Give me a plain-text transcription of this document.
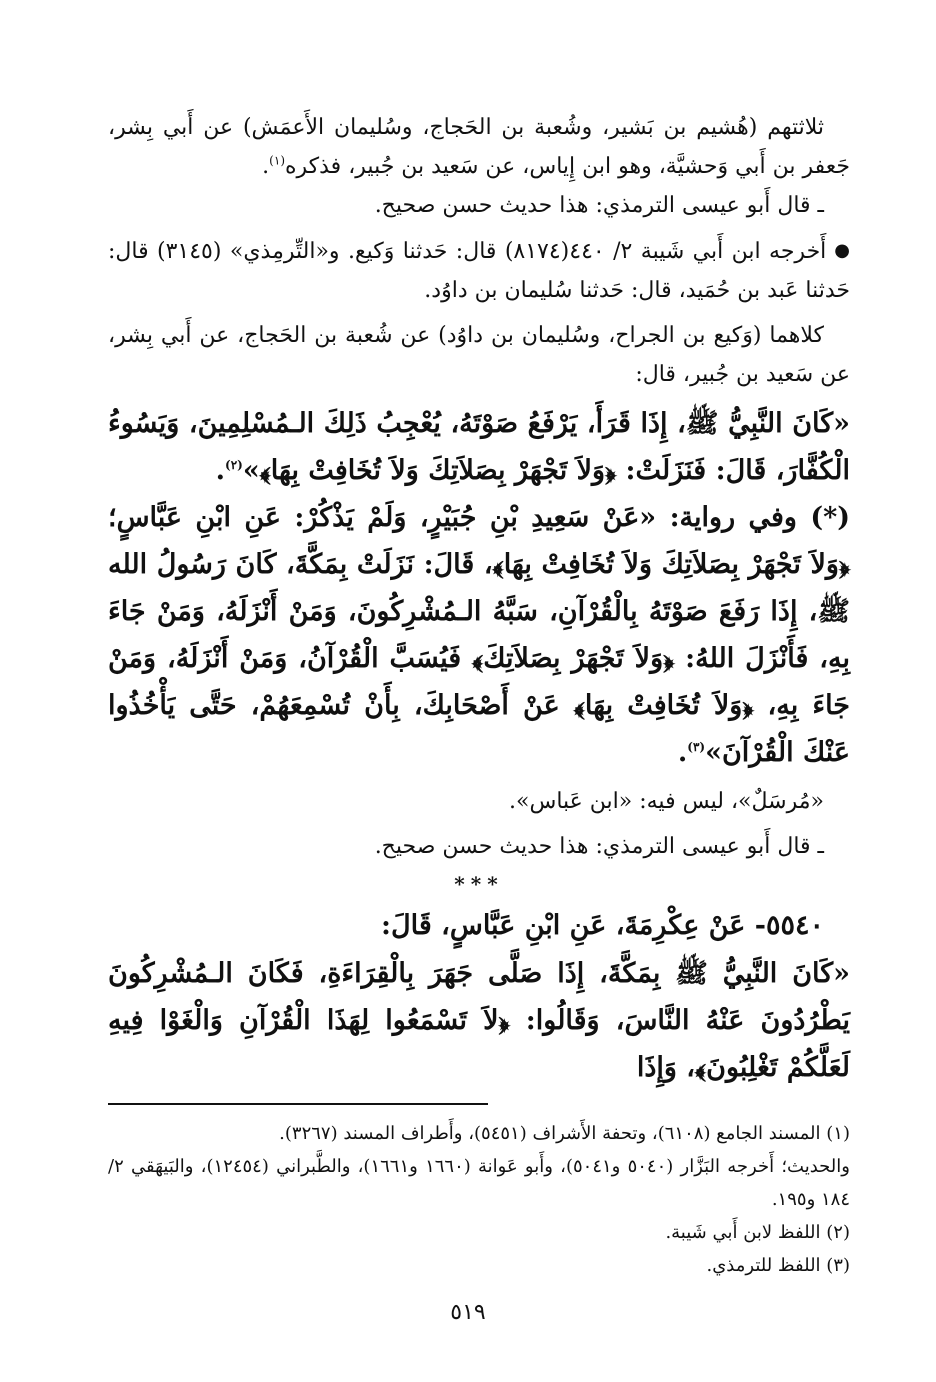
ثلاثتهم (هُشيم بن بَشير، وشُعبة بن الحَجاج، وسُليمان الأَعمَش) عن أَبي بِشر، جَعفر بن أَبي وَحشيَّة، وهو ابن إِياس، عن سَعيد بن جُبير، فذكره$^{(١)}$.

ـ قال أَبو عيسى الترمذي: هذا حديث حسن صحيح.

●أَخرجه ابن أَبي شَيبة ٢/ ٤٤٠(٨١٧٤) قال: حَدثنا وَكيع. و«التِّرمِذي» (٣١٤٥) قال: حَدثنا عَبد بن حُمَيد، قال: حَدثنا سُليمان بن داوُد.

كلاهما (وَكيع بن الجراح، وسُليمان بن داوُد) عن شُعبة بن الحَجاج، عن أَبي بِشر، عن سَعيد بن جُبير، قال:

«كَانَ النَّبِيُّ ﷺ، إِذَا قَرَأَ، يَرْفَعُ صَوْتَهُ، يُعْجِبُ ذَلِكَ الـمُسْلِمِينَ، وَيَسُوءُ الْكُفَّارَ، قَالَ: فَنَزَلَتْ: ﴿وَلاَ تَجْهَرْ بِصَلاَتِكَ وَلاَ تُخَافِتْ بِهَا﴾»$^{(٢)}$.

(*) وفي رواية: «عَنْ سَعِيدِ بْنِ جُبَيْرٍ، وَلَمْ يَذْكُرْ: عَنِ ابْنِ عَبَّاسٍ؛ ﴿وَلاَ تَجْهَرْ بِصَلاَتِكَ وَلاَ تُخَافِتْ بِهَا﴾، قَالَ: نَزَلَتْ بِمَكَّةَ، كَانَ رَسُولُ الله ﷺ، إِذَا رَفَعَ صَوْتَهُ بِالْقُرْآنِ، سَبَّهُ الـمُشْرِكُونَ، وَمَنْ أَنْزَلَهُ، وَمَنْ جَاءَ بِهِ، فَأَنْزَلَ اللهُ: ﴿وَلاَ تَجْهَرْ بِصَلاَتِكَ﴾ فَيُسَبَّ الْقُرْآنُ، وَمَنْ أَنْزَلَهُ، وَمَنْ جَاءَ بِهِ، ﴿وَلاَ تُخَافِتْ بِهَا﴾ عَنْ أَصْحَابِكَ، بِأَنْ تُسْمِعَهُمْ، حَتَّى يَأْخُذُوا عَنْكَ الْقُرْآنَ»$^{(٣)}$.

«مُرسَلٌ»، ليس فيه: «ابن عَباس».

ـ قال أَبو عيسى الترمذي: هذا حديث حسن صحيح.

***

٥٥٤٠- عَنْ عِكْرِمَةَ، عَنِ ابْنِ عَبَّاسٍ، قَالَ:

«كَانَ النَّبِيُّ ﷺ بِمَكَّةَ، إِذَا صَلَّى جَهَرَ بِالْقِرَاءَةِ، فَكَانَ الـمُشْرِكُونَ يَطْرُدُونَ عَنْهُ النَّاسَ، وَقَالُوا: ﴿لاَ تَسْمَعُوا لِهَذَا الْقُرْآنِ وَالْغَوْا فِيهِ لَعَلَّكُمْ تَغْلِبُونَ﴾، وَإِذَا

(١) المسند الجامع (٦١٠٨)، وتحفة الأَشراف (٥٤٥١)، وأَطراف المسند (٣٢٦٧).

والحديث؛ أَخرجه البَزَّار (٥٠٤٠ و٥٠٤١)، وأَبو عَوانة (١٦٦٠ و١٦٦١)، والطَّبراني (١٢٤٥٤)، والبَيهَقي ٢/ ١٨٤ و١٩٥.

(٢) اللفظ لابن أَبي شَيبة.

(٣) اللفظ للترمذي.

٥١٩
